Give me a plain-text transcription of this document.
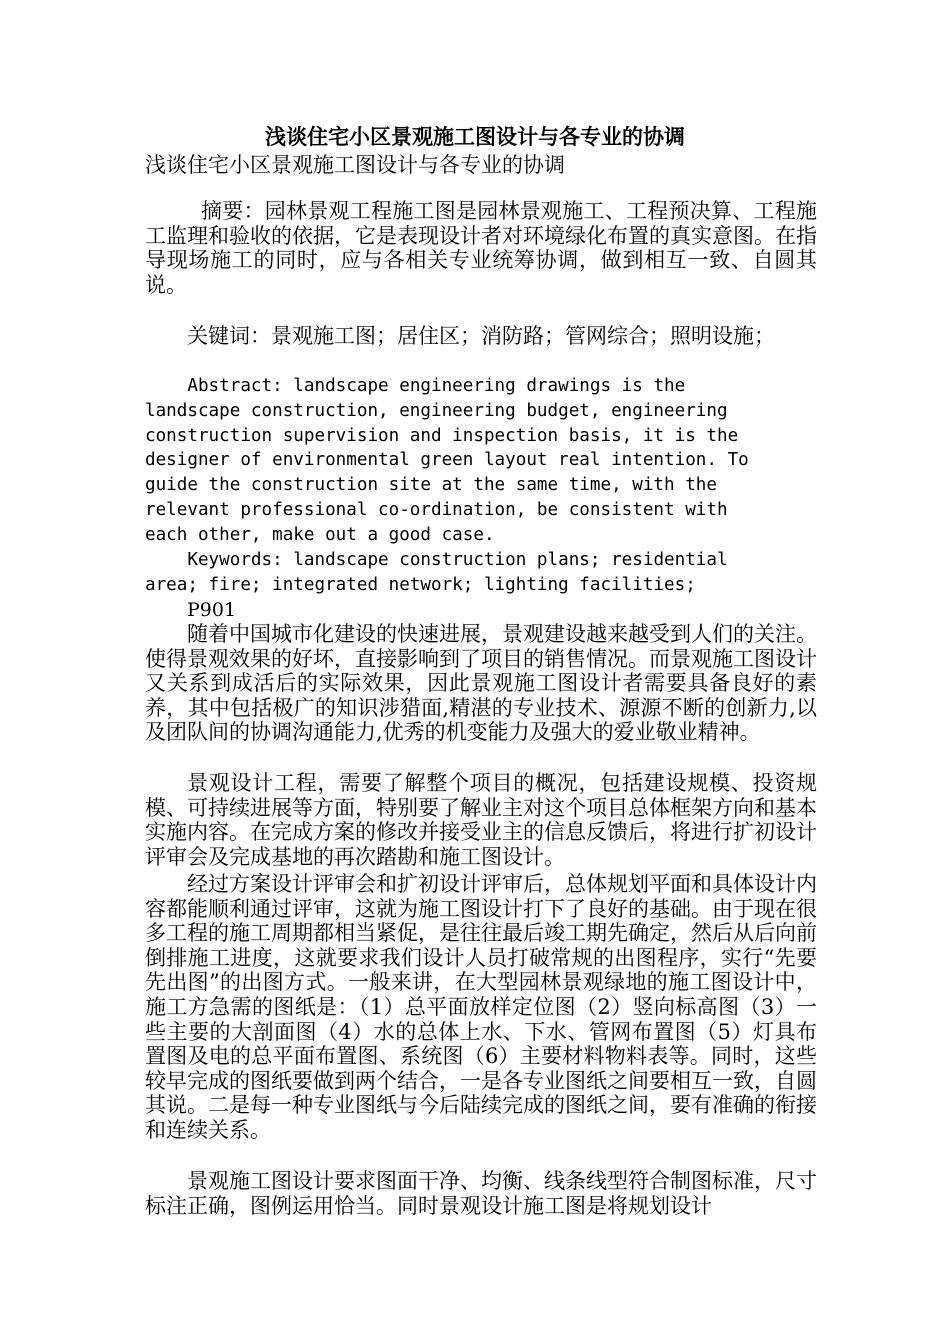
浅谈住宅小区景观施工图设计与各专业的协调
浅谈住宅小区景观施工图设计与各专业的协调
摘要：园林景观工程施工图是园林景观施工、工程预决算、工程施工监理和验收的依据，它是表现设计者对环境绿化布置的真实意图。在指导现场施工的同时，应与各相关专业统筹协调，做到相互一致、自圆其说。
关键词：景观施工图；居住区；消防路；管网综合；照明设施；
Abstract: landscape engineering drawings is the
landscape construction, engineering budget, engineering
construction supervision and inspection basis, it is the
designer of environmental green layout real intention. To
guide the construction site at the same time, with the
relevant professional co-ordination, be consistent with
each other, make out a good case.
Keywords: landscape construction plans; residential
area; fire; integrated network; lighting facilities;
P901
随着中国城市化建设的快速进展，景观建设越来越受到人们的关注。使得景观效果的好坏，直接影响到了项目的销售情况。而景观施工图设计又关系到成活后的实际效果，因此景观施工图设计者需要具备良好的素养，其中包括极广的知识涉猎面,精湛的专业技术、源源不断的创新力,以及团队间的协调沟通能力,优秀的机变能力及强大的爱业敬业精神。
景观设计工程，需要了解整个项目的概况，包括建设规模、投资规模、可持续进展等方面，特别要了解业主对这个项目总体框架方向和基本实施内容。在完成方案的修改并接受业主的信息反馈后，将进行扩初设计评审会及完成基地的再次踏勘和施工图设计。
经过方案设计评审会和扩初设计评审后，总体规划平面和具体设计内容都能顺利通过评审，这就为施工图设计打下了良好的基础。由于现在很多工程的施工周期都相当紧促，是往往最后竣工期先确定，然后从后向前倒排施工进度，这就要求我们设计人员打破常规的出图程序，实行“先要先出图”的出图方式。一般来讲，在大型园林景观绿地的施工图设计中，施工方急需的图纸是：（1）总平面放样定位图（2）竖向标高图（3）一些主要的大剖面图（4）水的总体上水、下水、管网布置图（5）灯具布置图及电的总平面布置图、系统图（6）主要材料物料表等。同时，这些较早完成的图纸要做到两个结合，一是各专业图纸之间要相互一致，自圆其说。二是每一种专业图纸与今后陆续完成的图纸之间，要有准确的衔接和连续关系。
景观施工图设计要求图面干净、均衡、线条线型符合制图标准，尺寸标注正确，图例运用恰当。同时景观设计施工图是将规划设计
